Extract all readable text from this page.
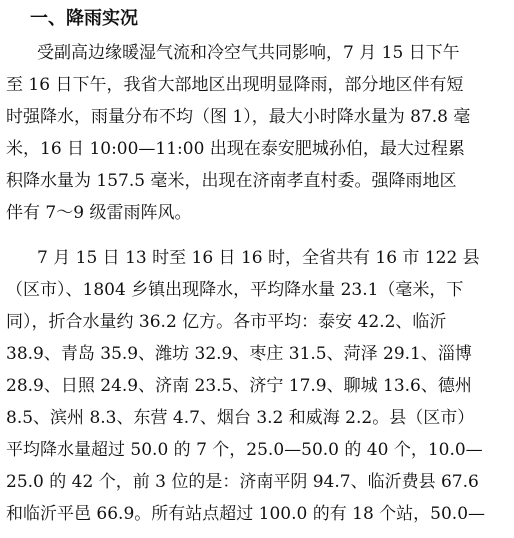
一、降雨实况
受副高边缘暖湿气流和冷空气共同影响，7 月 15 日下午
至 16 日下午，我省大部地区出现明显降雨，部分地区伴有短
时强降水，雨量分布不均（图 1），最大小时降水量为 87.8 毫
米，16 日 10:00—11:00 出现在泰安肥城孙伯，最大过程累
积降水量为 157.5 毫米，出现在济南孝直村委。强降雨地区
伴有 7～9 级雷雨阵风。
7 月 15 日 13 时至 16 日 16 时，全省共有 16 市 122 县
（区市）、1804 乡镇出现降水，平均降水量 23.1（毫米，下
同），折合水量约 36.2 亿方。各市平均：泰安 42.2、临沂
38.9、青岛 35.9、潍坊 32.9、枣庄 31.5、菏泽 29.1、淄博
28.9、日照 24.9、济南 23.5、济宁 17.9、聊城 13.6、德州
8.5、滨州 8.3、东营 4.7、烟台 3.2 和威海 2.2。县（区市）
平均降水量超过 50.0 的 7 个，25.0—50.0 的 40 个，10.0—
25.0 的 42 个，前 3 位的是：济南平阴 94.7、临沂费县 67.6
和临沂平邑 66.9。所有站点超过 100.0 的有 18 个站，50.0—
